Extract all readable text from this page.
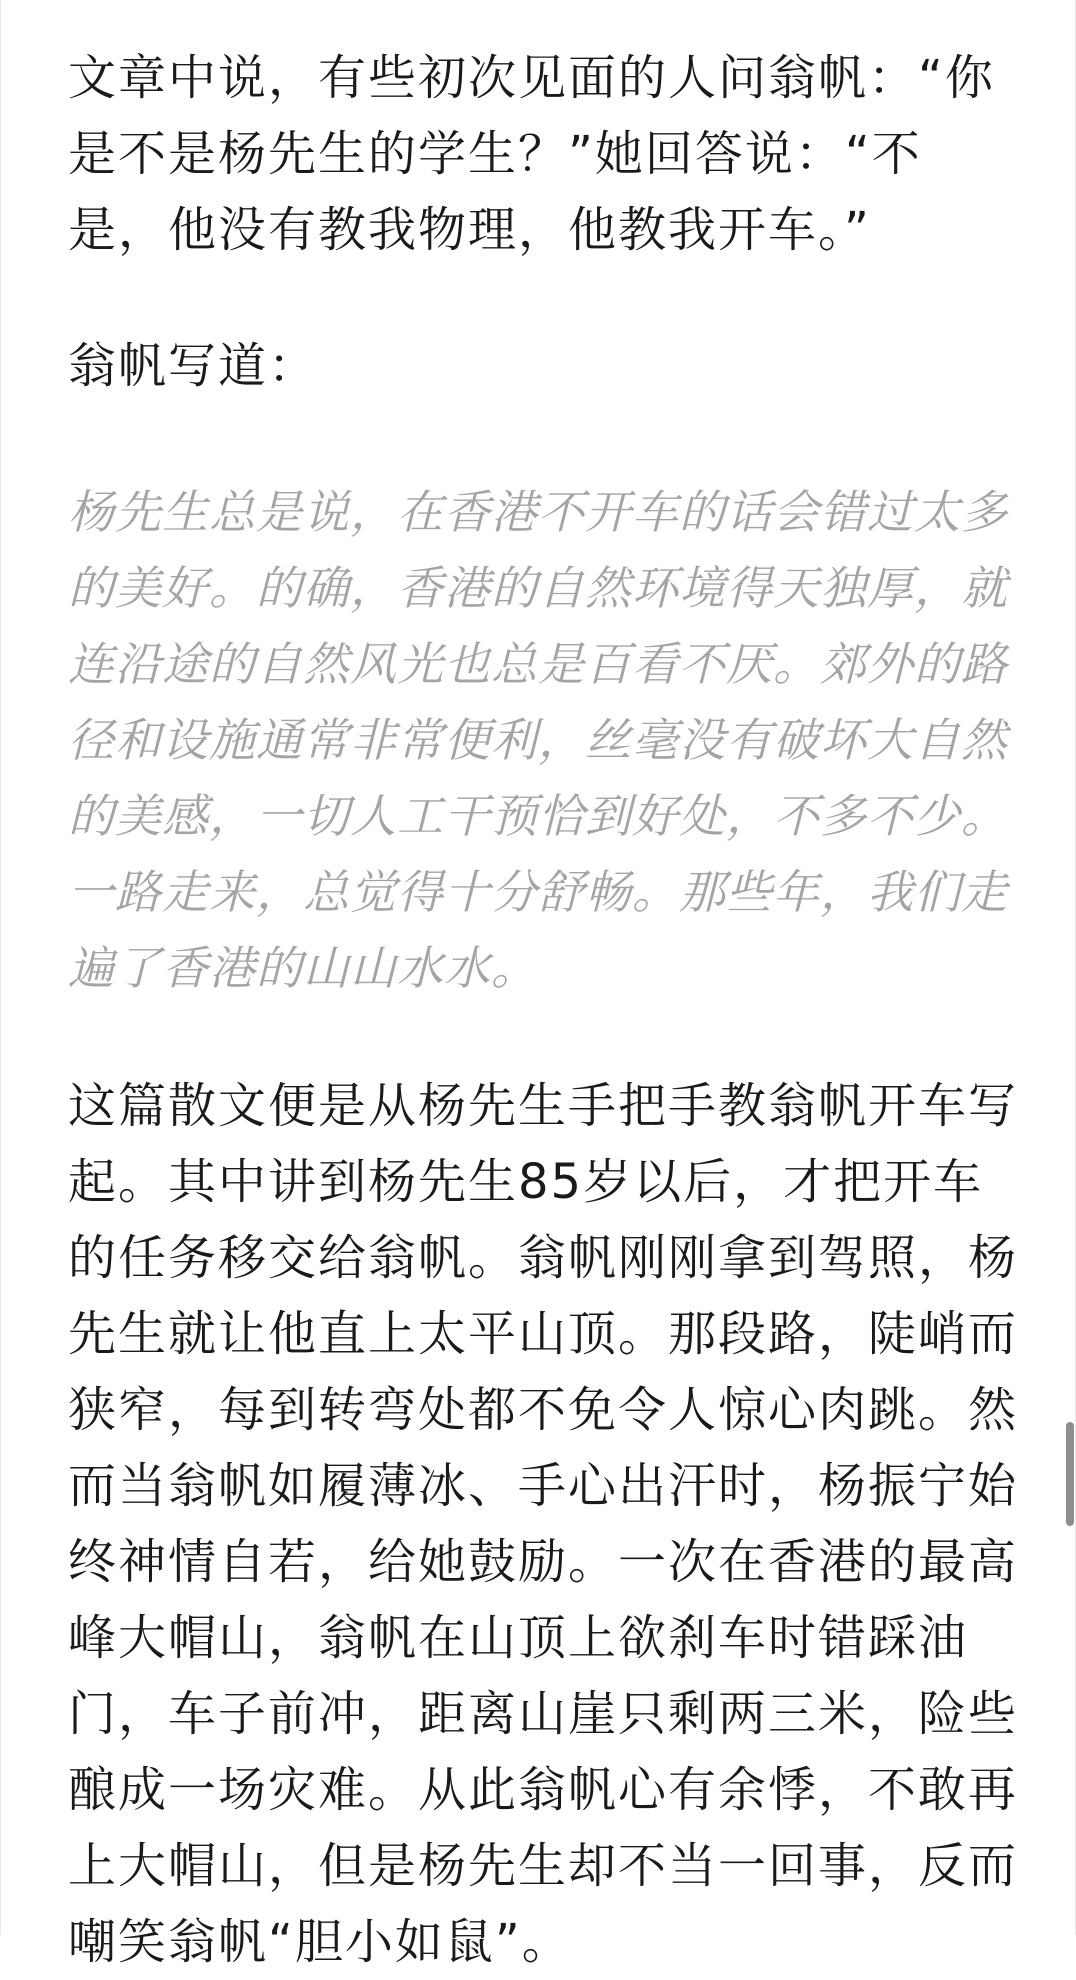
文章中说，有些初次见面的人问翁帆：“你是不是杨先生的学生？”她回答说：“不是，他没有教我物理，他教我开车。”

翁帆写道：

杨先生总是说，在香港不开车的话会错过太多的美好。的确，香港的自然环境得天独厚，就连沿途的自然风光也总是百看不厌。郊外的路径和设施通常非常便利，丝毫没有破坏大自然的美感，一切人工干预恰到好处，不多不少。一路走来，总觉得十分舒畅。那些年，我们走遍了香港的山山水水。

这篇散文便是从杨先生手把手教翁帆开车写起。其中讲到杨先生85岁以后，才把开车的任务移交给翁帆。翁帆刚刚拿到驾照，杨先生就让他直上太平山顶。那段路，陡峭而狭窄，每到转弯处都不免令人惊心肉跳。然而当翁帆如履薄冰、手心出汗时，杨振宁始终神情自若，给她鼓励。一次在香港的最高峰大帽山，翁帆在山顶上欲刹车时错踩油门，车子前冲，距离山崖只剩两三米，险些酿成一场灾难。从此翁帆心有余悸，不敢再上大帽山，但是杨先生却不当一回事，反而嘲笑翁帆“胆小如鼠”。
